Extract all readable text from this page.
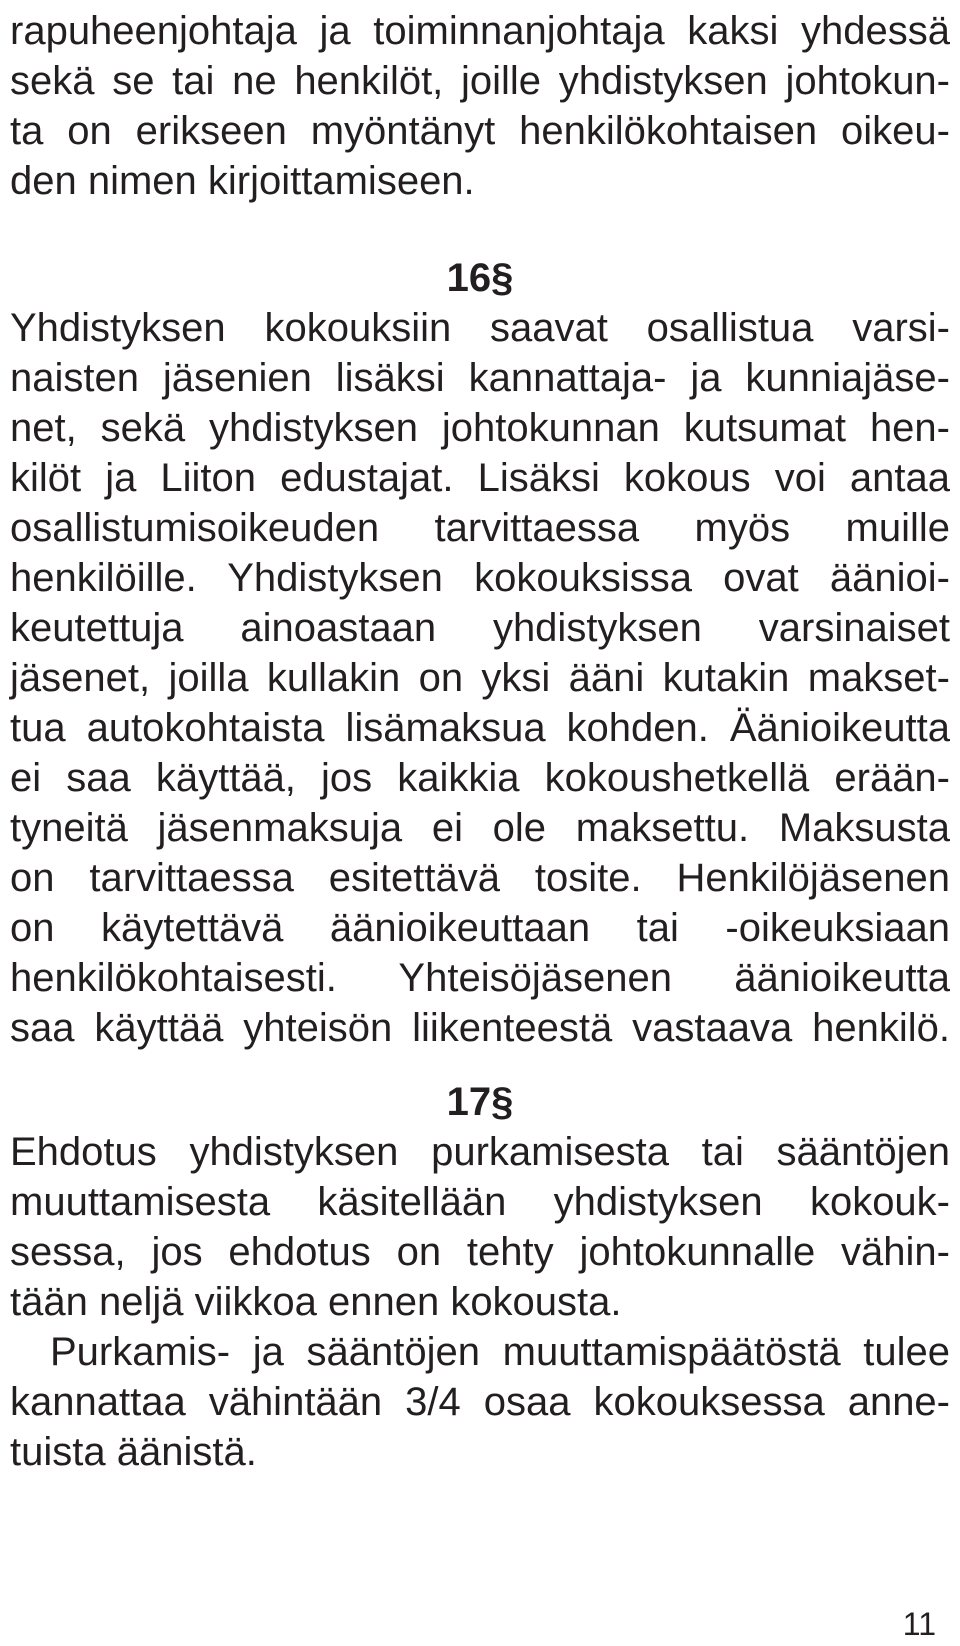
rapuheenjohtaja ja toiminnanjohtaja kaksi yhdessä
sekä se tai ne henkilöt, joille yhdistyksen johtokun-
ta on erikseen myöntänyt henkilökohtaisen oikeu-
den nimen kirjoittamiseen.
16§
Yhdistyksen kokouksiin saavat osallistua varsi-
naisten jäsenien lisäksi kannattaja- ja kunniajäse-
net, sekä yhdistyksen johtokunnan kutsumat hen-
kilöt ja Liiton edustajat. Lisäksi kokous voi antaa
osallistumisoikeuden tarvittaessa myös muille
henkilöille. Yhdistyksen kokouksissa ovat äänioi-
keutettuja ainoastaan yhdistyksen varsinaiset
jäsenet, joilla kullakin on yksi ääni kutakin makset-
tua autokohtaista lisämaksua kohden. Äänioikeutta
ei saa käyttää, jos kaikkia kokoushetkellä erään-
tyneitä jäsenmaksuja ei ole maksettu. Maksusta
on tarvittaessa esitettävä tosite. Henkilöjäsenen
on käytettävä äänioikeuttaan tai -oikeuksiaan
henkilökohtaisesti. Yhteisöjäsenen äänioikeutta
saa käyttää yhteisön liikenteestä vastaava henkilö.
17§
Ehdotus yhdistyksen purkamisesta tai sääntöjen
muuttamisesta käsitellään yhdistyksen kokouk-
sessa, jos ehdotus on tehty johtokunnalle vähin-
tään neljä viikkoa ennen kokousta.
Purkamis- ja sääntöjen muuttamispäätöstä tulee
kannattaa vähintään 3/4 osaa kokouksessa anne-
tuista äänistä.
11
